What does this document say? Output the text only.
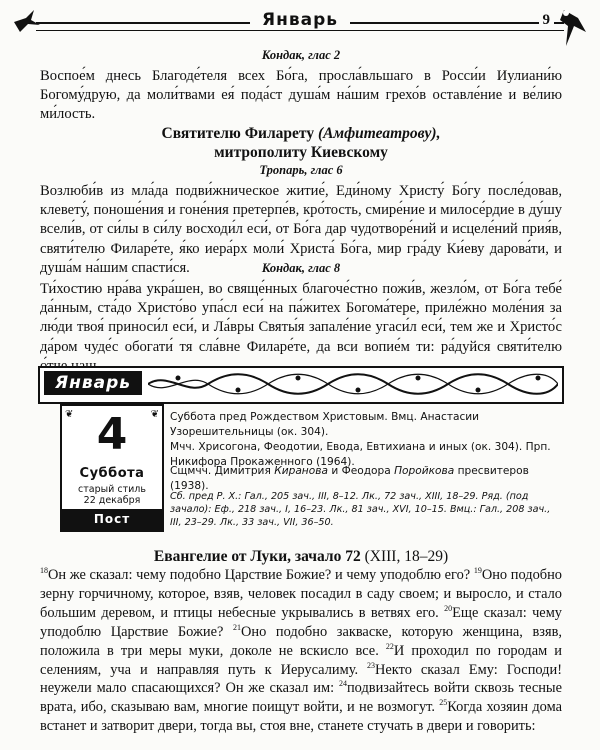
Январь	9
Кондак, глас 2
Воспое́м днесь Благоде́теля всех Бо́га, просла́вльшаго в Росси́и Иулиани́ю Богому́друю, да моли́твами ея́ пода́ст душа́м на́шим грехо́в оставле́ние и ве́лию ми́лость.
Святителю Филарету (Амфитеатрову),
митрополиту Киевскому
Тропарь, глас 6
Возлюби́в из мла́да подви́жническое житие́, Еди́ному Христу́ Бо́гу после́довав, клевету́, поноше́ния и гоне́ния претерпе́в, кро́тость, смире́ние и милосе́рдие в ду́шу всели́в, от си́лы в си́лу восходи́л еси́, от Бо́га дар чудотворе́ний и исцеле́ний прия́в, святи́телю Филаре́те, я́ко иера́рх моли́ Христа́ Бо́га, мир гра́ду Ки́еву дарова́ти, и душа́м на́шим спасти́ся.	Кондак, глас 8
Ти́хостию нра́ва укра́шен, во свяще́нных благоче́стно пожи́в, жезло́м, от Бо́га тебе́ да́нным, ста́до Христо́во упа́сл еси́ на па́житех Богома́тере, приле́жно моле́ния за лю́ди твоя́ приноси́л еси́, и Ла́вры Святы́я запале́ние угаси́л еси́, тем же и Христо́с да́ром чуде́с обогати́ тя сла́вне Филаре́те, да вси вопие́м ти: ра́дуйся святи́телю
Январь
❦	❦
4
Суббота
старый стиль
22 декабря
Пост
Суббота пред Рождеством Христовым. Вмц. Анастасии Узорешительницы (ок. 304).
Мчч. Хрисогона, Феодотии, Евода, Евтихиана и иных (ок. 304). Прп. Никифора Прокаженного (1964).
Сщмчч. Димитрия Киранова и Феодора Поройкова пресвитеров (1938).
Сб. пред Р. Х.: Гал., 205 зач., III, 8–12. Лк., 72 зач., XIII, 18–29. Ряд. (под зачало): Еф., 218 зач., I, 16–23. Лк., 81 зач., XVI, 10–15. Вмц.: Гал., 208 зач., III, 23–29. Лк., 33 зач., VII, 36–50.
Евангелие от Луки, зачало 72 (XIII, 18–29)
$^{18}$Он же сказал: чему подобно Царствие Божие? и чему уподоблю его? $^{19}$Оно подобно зерну горчичному, которое, взяв, человек посадил в саду своем; и выросло, и стало большим деревом, и птицы небесные укрывались в ветвях его. $^{20}$Еще сказал: чему уподоблю Царствие Божие? $^{21}$Оно подобно закваске, которую женщина, взяв, положила в три меры муки, доколе не вскисло все. $^{22}$И проходил по городам и селениям, уча и направляя путь к Иерусалиму. $^{23}$Некто сказал Ему: Господи! неужели мало спасающихся? Он же сказал им: $^{24}$подвизайтесь войти сквозь тесные врата, ибо, сказываю вам, многие поищут войти, и не возмогут. $^{25}$Когда хозяин дома встанет и затворит двери, тогда вы, стоя вне, станете стучать в двери и говорить:
